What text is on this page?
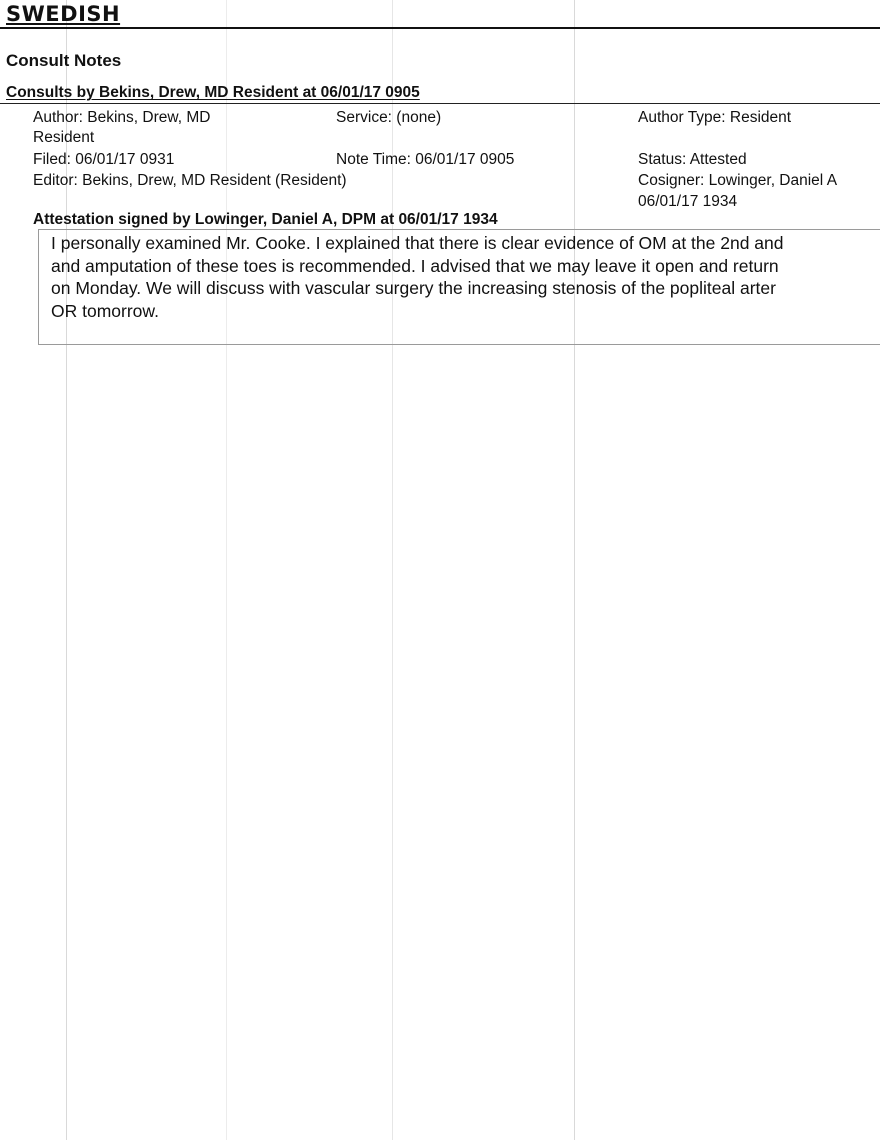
SWEDISH
Consult Notes
Consults by Bekins, Drew, MD Resident at 06/01/17 0905
Author: Bekins, Drew, MD
Resident
Service: (none)	Author Type: Resident
Filed: 06/01/17 0931	Note Time: 06/01/17 0905	Status: Attested
Editor: Bekins, Drew, MD Resident (Resident)	Cosigner: Lowinger, Daniel A
06/01/17 1934
Attestation signed by Lowinger, Daniel A, DPM at 06/01/17 1934
I personally examined Mr. Cooke. I explained that there is clear evidence of OM at the 2nd and
and amputation of these toes is recommended. I advised that we may leave it open and return
on Monday. We will discuss with vascular surgery the increasing stenosis of the popliteal arter
OR tomorrow.
